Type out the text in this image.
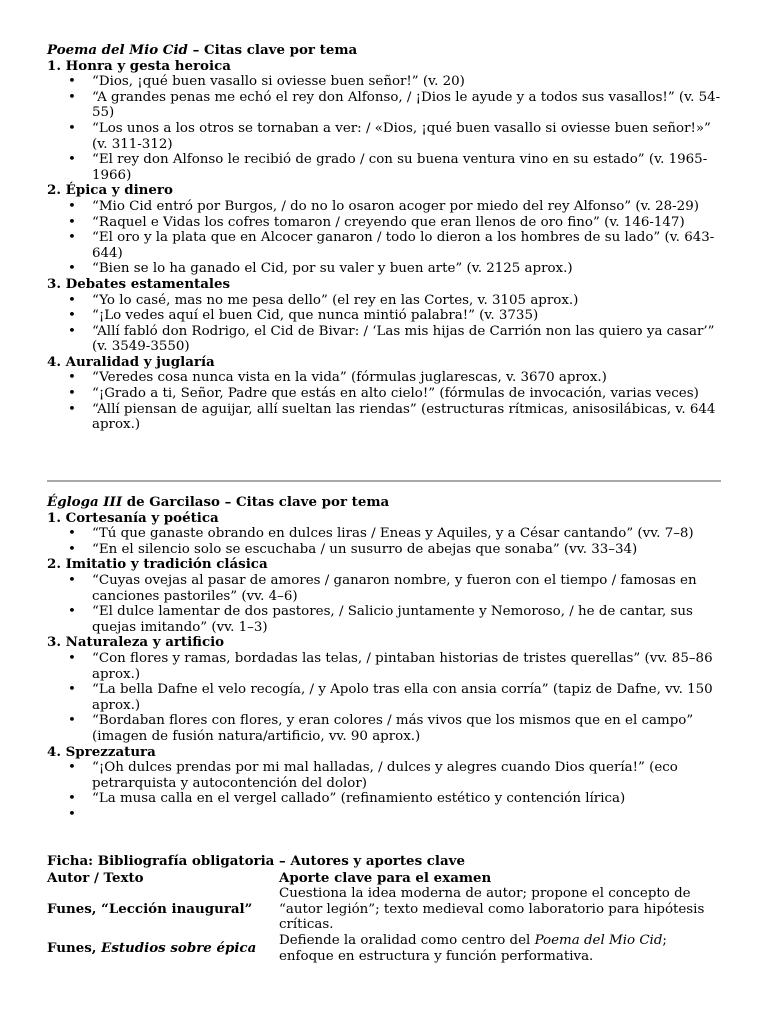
Poema del Mio Cid – Citas clave por tema
1. Honra y gesta heroica
• “Dios, ¡qué buen vasallo si oviesse buen señor!” (v. 20)
• “A grandes penas me echó el rey don Alfonso, / ¡Dios le ayude y a todos sus vasallos!” (v. 54-55)
• “Los unos a los otros se tornaban a ver: / «Dios, ¡qué buen vasallo si oviesse buen señor!»” (v. 311-312)
• “El rey don Alfonso le recibió de grado / con su buena ventura vino en su estado” (v. 1965-1966)
2. Épica y dinero
• “Mio Cid entró por Burgos, / do no lo osaron acoger por miedo del rey Alfonso” (v. 28-29)
• “Raquel e Vidas los cofres tomaron / creyendo que eran llenos de oro fino” (v. 146-147)
• “El oro y la plata que en Alcocer ganaron / todo lo dieron a los hombres de su lado” (v. 643-644)
• “Bien se lo ha ganado el Cid, por su valer y buen arte” (v. 2125 aprox.)
3. Debates estamentales
• “Yo lo casé, mas no me pesa dello” (el rey en las Cortes, v. 3105 aprox.)
• “¡Lo vedes aquí el buen Cid, que nunca mintió palabra!” (v. 3735)
• “Allí fabló don Rodrigo, el Cid de Bivar: / ‘Las mis hijas de Carrión non las quiero ya casar’” (v. 3549-3550)
4. Auralidad y juglaría
• “Veredes cosa nunca vista en la vida” (fórmulas juglarescas, v. 3670 aprox.)
• “¡Grado a ti, Señor, Padre que estás en alto cielo!” (fórmulas de invocación, varias veces)
• “Allí piensan de aguijar, allí sueltan las riendas” (estructuras rítmicas, anisosilábicas, v. 644 aprox.)
Égloga III de Garcilaso – Citas clave por tema
1. Cortesanía y poética
• “Tú que ganaste obrando en dulces liras / Eneas y Aquiles, y a César cantando” (vv. 7–8)
• “En el silencio solo se escuchaba / un susurro de abejas que sonaba” (vv. 33–34)
2. Imitatio y tradición clásica
• “Cuyas ovejas al pasar de amores / ganaron nombre, y fueron con el tiempo / famosas en canciones pastoriles” (vv. 4–6)
• “El dulce lamentar de dos pastores, / Salicio juntamente y Nemoroso, / he de cantar, sus quejas imitando” (vv. 1–3)
3. Naturaleza y artificio
• “Con flores y ramas, bordadas las telas, / pintaban historias de tristes querellas” (vv. 85–86 aprox.)
• “La bella Dafne el velo recogía, / y Apolo tras ella con ansia corría” (tapiz de Dafne, vv. 150 aprox.)
• “Bordaban flores con flores, y eran colores / más vivos que los mismos que en el campo” (imagen de fusión natura/artificio, vv. 90 aprox.)
4. Sprezzatura
• “¡Oh dulces prendas por mi mal halladas, / dulces y alegres cuando Dios quería!” (eco petrarquista y autocontención del dolor)
• “La musa calla en el vergel callado” (refinamiento estético y contención lírica)
•
Ficha: Bibliografía obligatoria – Autores y aportes clave
Autor / Texto	Aporte clave para el examen
Funes, “Lección inaugural”	Cuestiona la idea moderna de autor; propone el concepto de “autor legión”; texto medieval como laboratorio para hipótesis críticas.
Funes, Estudios sobre épica	Defiende la oralidad como centro del Poema del Mio Cid; enfoque en estructura y función performativa.
